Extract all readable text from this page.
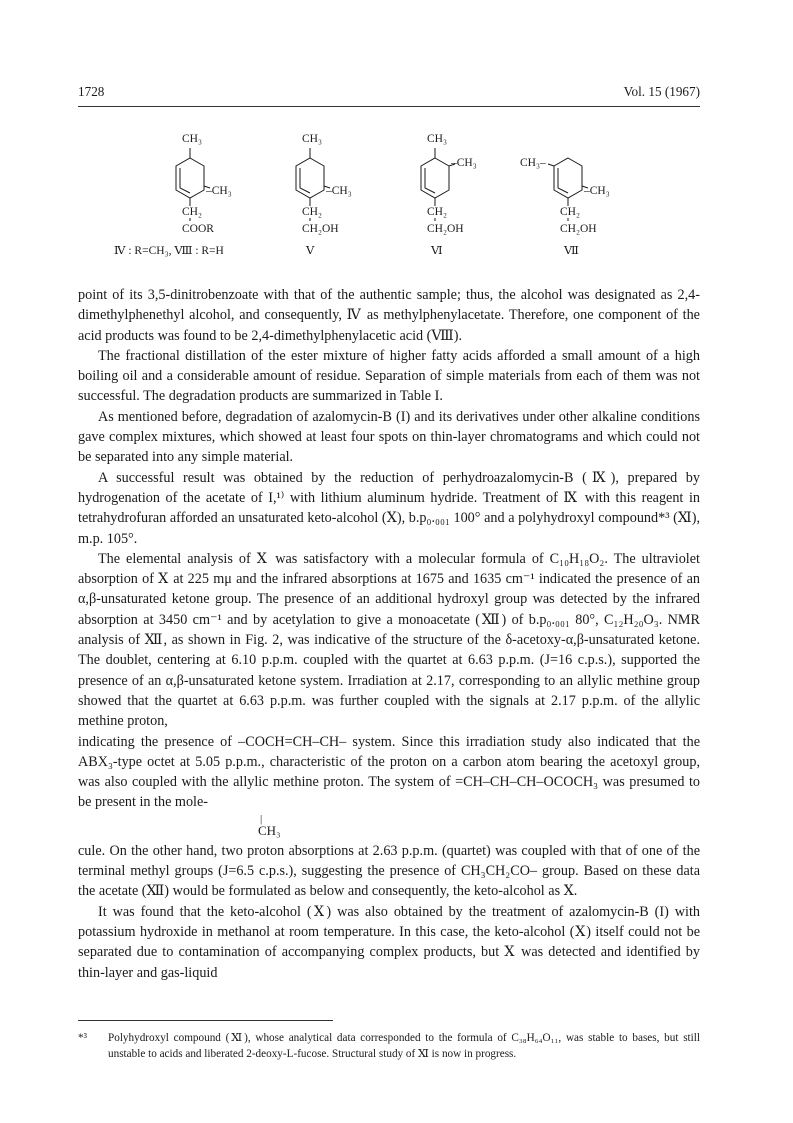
1728	Vol. 15 (1967)
CH₃
–CH₃
CH₂
COOR
Ⅳ : R=CH₃, Ⅷ : R=H
CH₃
–CH₃
CH₂
CH₂OH
Ⅴ
CH₃
–CH₃
CH₂
CH₂OH
Ⅵ
CH₃–
–CH₃
CH₂
CH₂OH
Ⅶ

point of its 3,5-dinitrobenzoate with that of the authentic sample; thus, the alcohol was designated as 2,4-dimethylphenethyl alcohol, and consequently, Ⅳ as methylphenylacetate. Therefore, one component of the acid products was found to be 2,4-dimethylphenylacetic acid (Ⅷ).

The fractional distillation of the ester mixture of higher fatty acids afforded a small amount of a high boiling oil and a considerable amount of residue. Separation of simple materials from each of them was not successful. The degradation products are summarized in Table I.

As mentioned before, degradation of azalomycin-B (I) and its derivatives under other alkaline conditions gave complex mixtures, which showed at least four spots on thin-layer chromatograms and which could not be separated into any simple material.

A successful result was obtained by the reduction of perhydroazalomycin-B (Ⅸ), prepared by hydrogenation of the acetate of I,¹⁾ with lithium aluminum hydride. Treatment of Ⅸ with this reagent in tetrahydrofuran afforded an unsaturated keto-alcohol (Ⅹ), b.p₀.₀₀₁ 100° and a polyhydroxyl compound*³ (Ⅺ), m.p. 105°.

The elemental analysis of Ⅹ was satisfactory with a molecular formula of C₁₀H₁₈O₂. The ultraviolet absorption of Ⅹ at 225 mμ and the infrared absorptions at 1675 and 1635 cm⁻¹ indicated the presence of an α,β-unsaturated ketone group. The presence of an additional hydroxyl group was detected by the infrared absorption at 3450 cm⁻¹ and by acetylation to give a monoacetate (Ⅻ) of b.p₀.₀₀₁ 80°, C₁₂H₂₀O₃. NMR analysis of Ⅻ, as shown in Fig. 2, was indicative of the structure of the δ-acetoxy-α,β-unsaturated ketone. The doublet, centering at 6.10 p.p.m. coupled with the quartet at 6.63 p.p.m. (J=16 c.p.s.), supported the presence of an α,β-unsaturated ketone system. Irradiation at 2.17, corresponding to an allylic methine group showed that the quartet at 6.63 p.p.m. was further coupled with the signals at 2.17 p.p.m. of the allylic methine proton,

indicating the presence of –COCH=CH–CH– system. Since this irradiation study also indicated that the ABX₃-type octet at 5.05 p.p.m., characteristic of the proton on a carbon atom bearing the acetoxyl group, was also coupled with the allylic methine proton. The system of =CH–CH–CH–OCOCH₃ was presumed to be present in the mole-

|
CH₃

cule. On the other hand, two proton absorptions at 2.63 p.p.m. (quartet) was coupled with that of one of the terminal methyl groups (J=6.5 c.p.s.), suggesting the presence of CH₃CH₂CO– group. Based on these data the acetate (Ⅻ) would be formulated as below and consequently, the keto-alcohol as Ⅹ.

It was found that the keto-alcohol (Ⅹ) was also obtained by the treatment of azalomycin-B (I) with potassium hydroxide in methanol at room temperature. In this case, the keto-alcohol (Ⅹ) itself could not be separated due to contamination of accompanying complex products, but Ⅹ was detected and identified by thin-layer and gas-liquid

*³ Polyhydroxyl compound (Ⅺ), whose analytical data corresponded to the formula of C₃₈H₆₄O₁₁, was stable to bases, but still unstable to acids and liberated 2-deoxy-L-fucose. Structural study of Ⅺ is now in progress.
